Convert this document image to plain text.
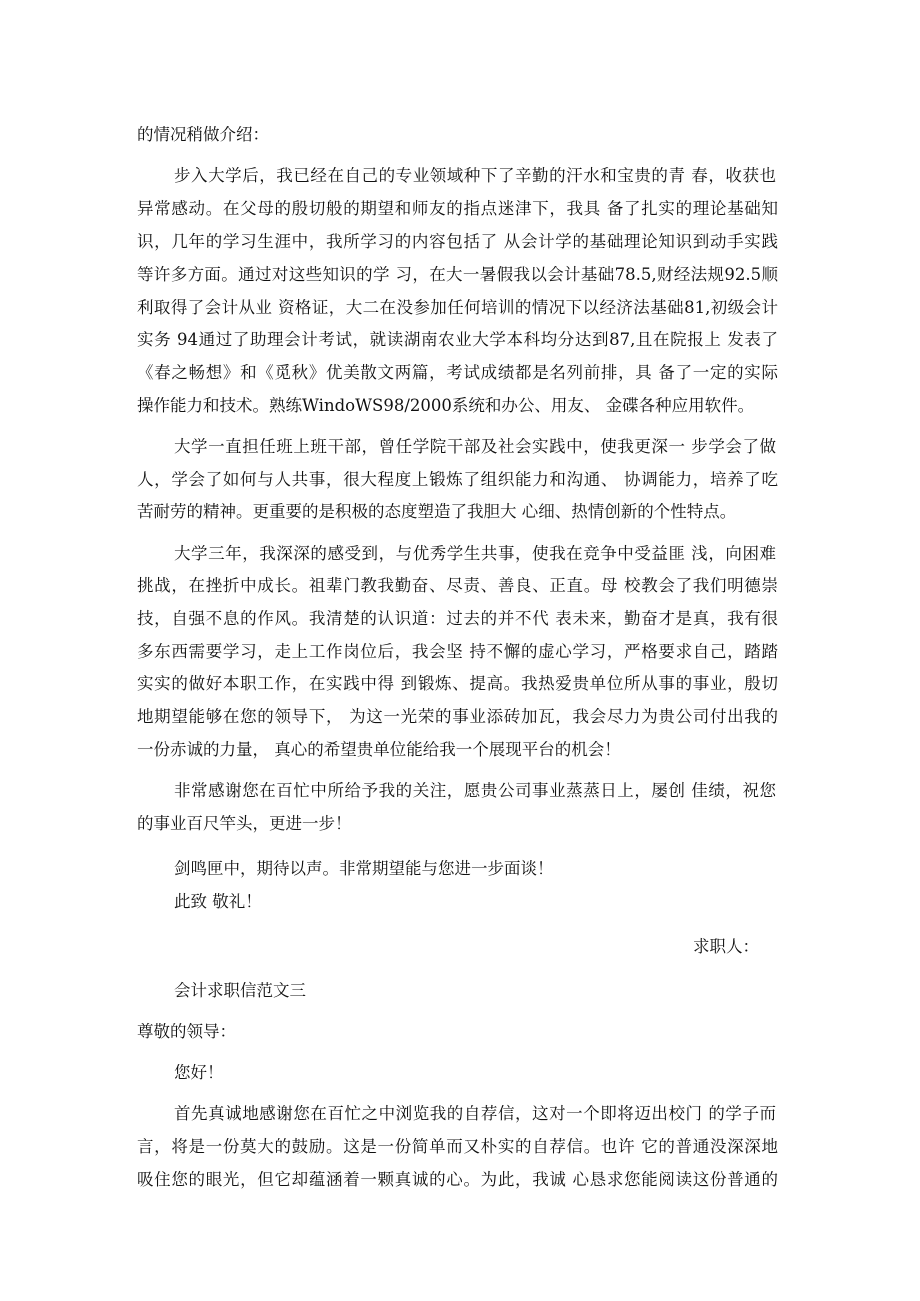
的情况稍做介绍：
步入大学后，我已经在自己的专业领域种下了辛勤的汗水和宝贵的青 春，收获也
异常感动。在父母的殷切般的期望和师友的指点迷津下，我具 备了扎实的理论基础知
识，几年的学习生涯中，我所学习的内容包括了 从会计学的基础理论知识到动手实践
等许多方面。通过对这些知识的学 习，在大一暑假我以会计基础78.5,财经法规92.5顺
利取得了会计从业 资格证，大二在没参加任何培训的情况下以经济法基础81,初级会计
实务 94通过了助理会计考试，就读湖南农业大学本科均分达到87,且在院报上 发表了
《春之畅想》和《觅秋》优美散文两篇，考试成绩都是名列前排，具 备了一定的实际
操作能力和技术。熟练WindoWS98/2000系统和办公、用友、 金碟各种应用软件。
大学一直担任班上班干部，曾任学院干部及社会实践中，使我更深一 步学会了做
人，学会了如何与人共事，很大程度上锻炼了组织能力和沟通、 协调能力，培养了吃
苦耐劳的精神。更重要的是积极的态度塑造了我胆大 心细、热情创新的个性特点。
大学三年，我深深的感受到，与优秀学生共事，使我在竞争中受益匪 浅，向困难
挑战，在挫折中成长。祖辈门教我勤奋、尽责、善良、正直。母 校教会了我们明德崇
技，自强不息的作风。我清楚的认识道：过去的并不代 表未来，勤奋才是真，我有很
多东西需要学习，走上工作岗位后，我会坚 持不懈的虚心学习，严格要求自己，踏踏
实实的做好本职工作，在实践中得 到锻炼、提高。我热爱贵单位所从事的事业，殷切
地期望能够在您的领导下， 为这一光荣的事业添砖加瓦，我会尽力为贵公司付出我的
一份赤诚的力量， 真心的希望贵单位能给我一个展现平台的机会！
非常感谢您在百忙中所给予我的关注，愿贵公司事业蒸蒸日上，屡创 佳绩，祝您
的事业百尺竿头，更进一步！
剑鸣匣中，期待以声。非常期望能与您进一步面谈！
此致 敬礼！
求职人：
会计求职信范文三
尊敬的领导：
您好！
首先真诚地感谢您在百忙之中浏览我的自荐信，这对一个即将迈出校门 的学子而
言，将是一份莫大的鼓励。这是一份简单而又朴实的自荐信。也许 它的普通没深深地
吸住您的眼光，但它却蕴涵着一颗真诚的心。为此，我诚 心恳求您能阅读这份普通的
